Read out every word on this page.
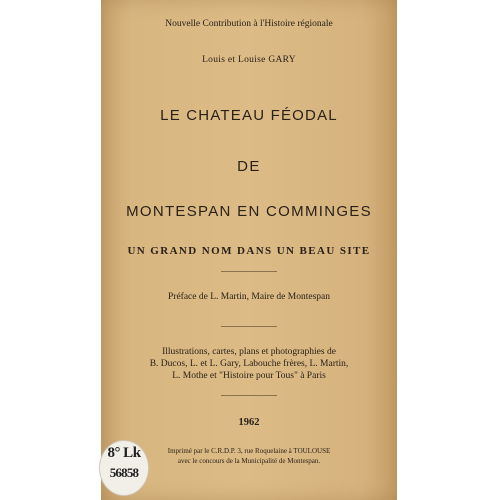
Nouvelle Contribution à l'Histoire régionale
Louis et Louise GARY
LE CHATEAU FÉODAL
DE
MONTESPAN EN COMMINGES
UN GRAND NOM DANS UN BEAU SITE
Préface de L. Martin, Maire de Montespan
Illustrations, cartes, plans et photographies de
B. Ducos, L. et L. Gary, Labouche frères, L. Martin,
L. Mothe et "Histoire pour Tous" à Paris
1962
Imprimé par le C.R.D.P. 3, rue Roquelaine à TOULOUSE
avec le concours de la Municipalité de Montespan.
8° Lk
56858
